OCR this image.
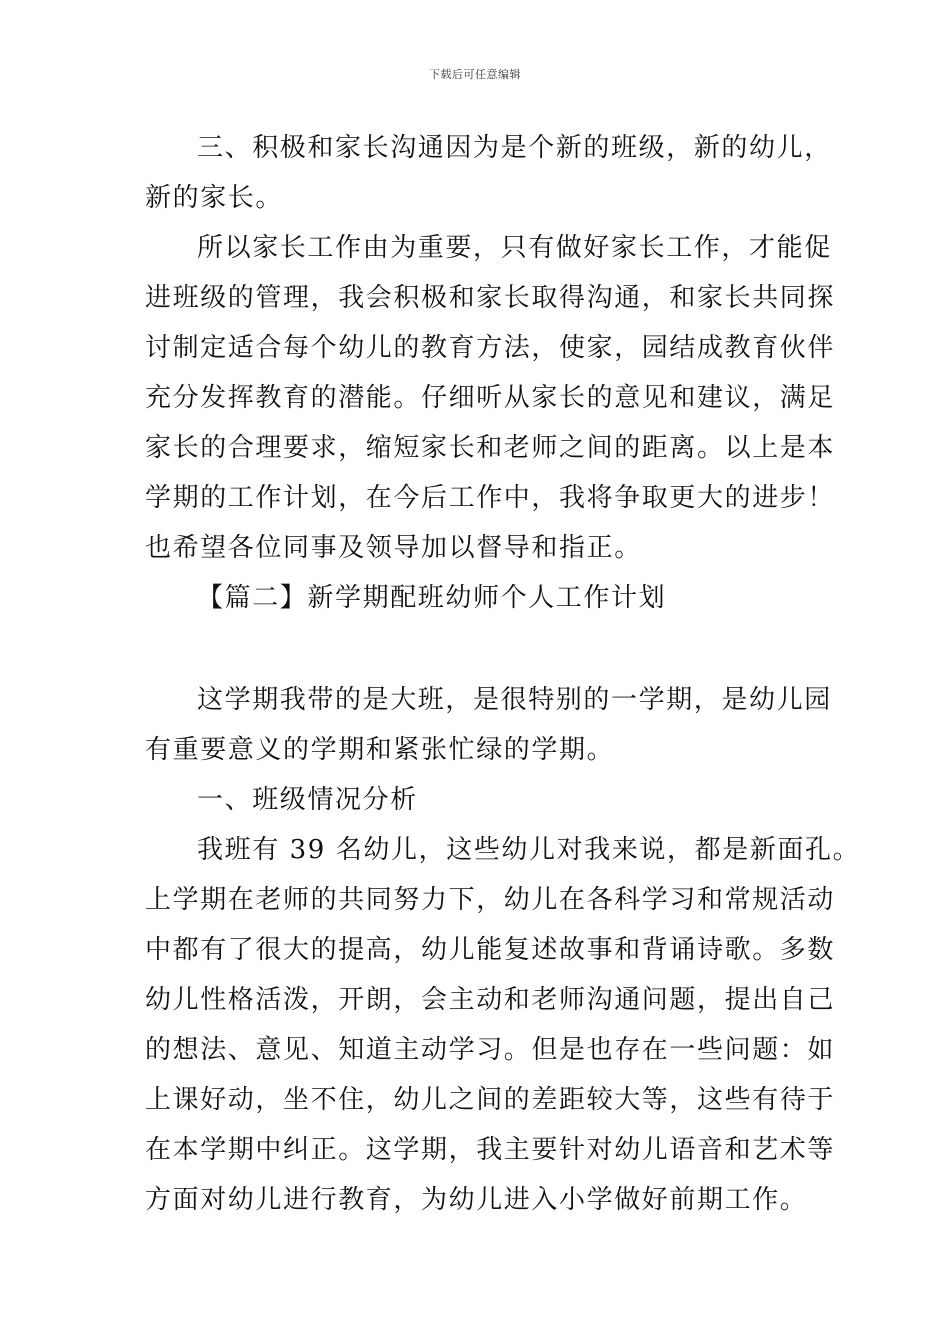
下载后可任意编辑
三、积极和家长沟通因为是个新的班级，新的幼儿，
新的家长。
所以家长工作由为重要，只有做好家长工作，才能促
进班级的管理，我会积极和家长取得沟通，和家长共同探
讨制定适合每个幼儿的教育方法，使家，园结成教育伙伴
充分发挥教育的潜能。仔细听从家长的意见和建议，满足
家长的合理要求，缩短家长和老师之间的距离。以上是本
学期的工作计划，在今后工作中，我将争取更大的进步！
也希望各位同事及领导加以督导和指正。
【篇二】新学期配班幼师个人工作计划
这学期我带的是大班，是很特别的一学期，是幼儿园
有重要意义的学期和紧张忙绿的学期。
一、班级情况分析
我班有 39 名幼儿，这些幼儿对我来说，都是新面孔。
上学期在老师的共同努力下，幼儿在各科学习和常规活动
中都有了很大的提高，幼儿能复述故事和背诵诗歌。多数
幼儿性格活泼，开朗，会主动和老师沟通问题，提出自己
的想法、意见、知道主动学习。但是也存在一些问题：如
上课好动，坐不住，幼儿之间的差距较大等，这些有待于
在本学期中纠正。这学期，我主要针对幼儿语音和艺术等
方面对幼儿进行教育，为幼儿进入小学做好前期工作。
